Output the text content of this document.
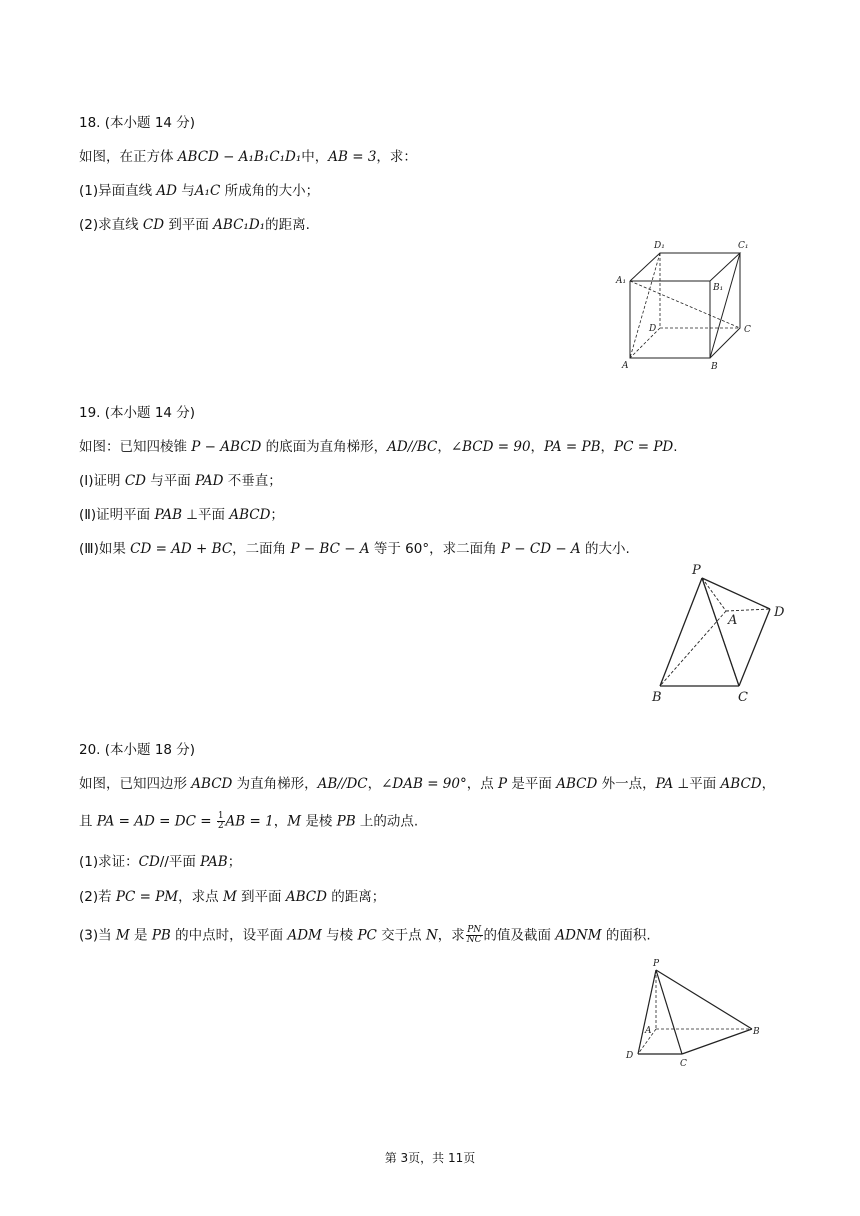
18. (本小题 14 分)
如图，在正方体 ABCD − A₁B₁C₁D₁中，AB = 3，求：
(1)异面直线 AD 与A₁C 所成角的大小；
(2)求直线 CD 到平面 ABC₁D₁的距离.
D₁	C₁
A₁
B₁
D	C
A	B
19. (本小题 14 分)
如图：已知四棱锥 P − ABCD 的底面为直角梯形，AD//BC，∠BCD = 90，PA = PB，PC = PD.
(Ⅰ)证明 CD 与平面 PAD 不垂直；
(Ⅱ)证明平面 PAB ⊥平面 ABCD；
(Ⅲ)如果 CD = AD + BC，二面角 P − BC − A 等于 60°，求二面角 P − CD − A 的大小.
P
A
D
B	C
20. (本小题 18 分)
如图，已知四边形 ABCD 为直角梯形，AB//DC，∠DAB = 90°，点 P 是平面 ABCD 外一点，PA ⊥平面 ABCD，
且 PA = AD = DC = $\frac{1}{2}$ AB = 1，M 是棱 PB 上的动点.
(1)求证：CD//平面 PAB；
(2)若 PC = PM，求点 M 到平面 ABCD 的距离；
(3)当 M 是 PB 的中点时，设平面 ADM 与棱 PC 交于点 N，求 $\frac{PN}{NC}$ 的值及截面 ADNM 的面积.
P
A	B
D
C
第 3页，共 11页
